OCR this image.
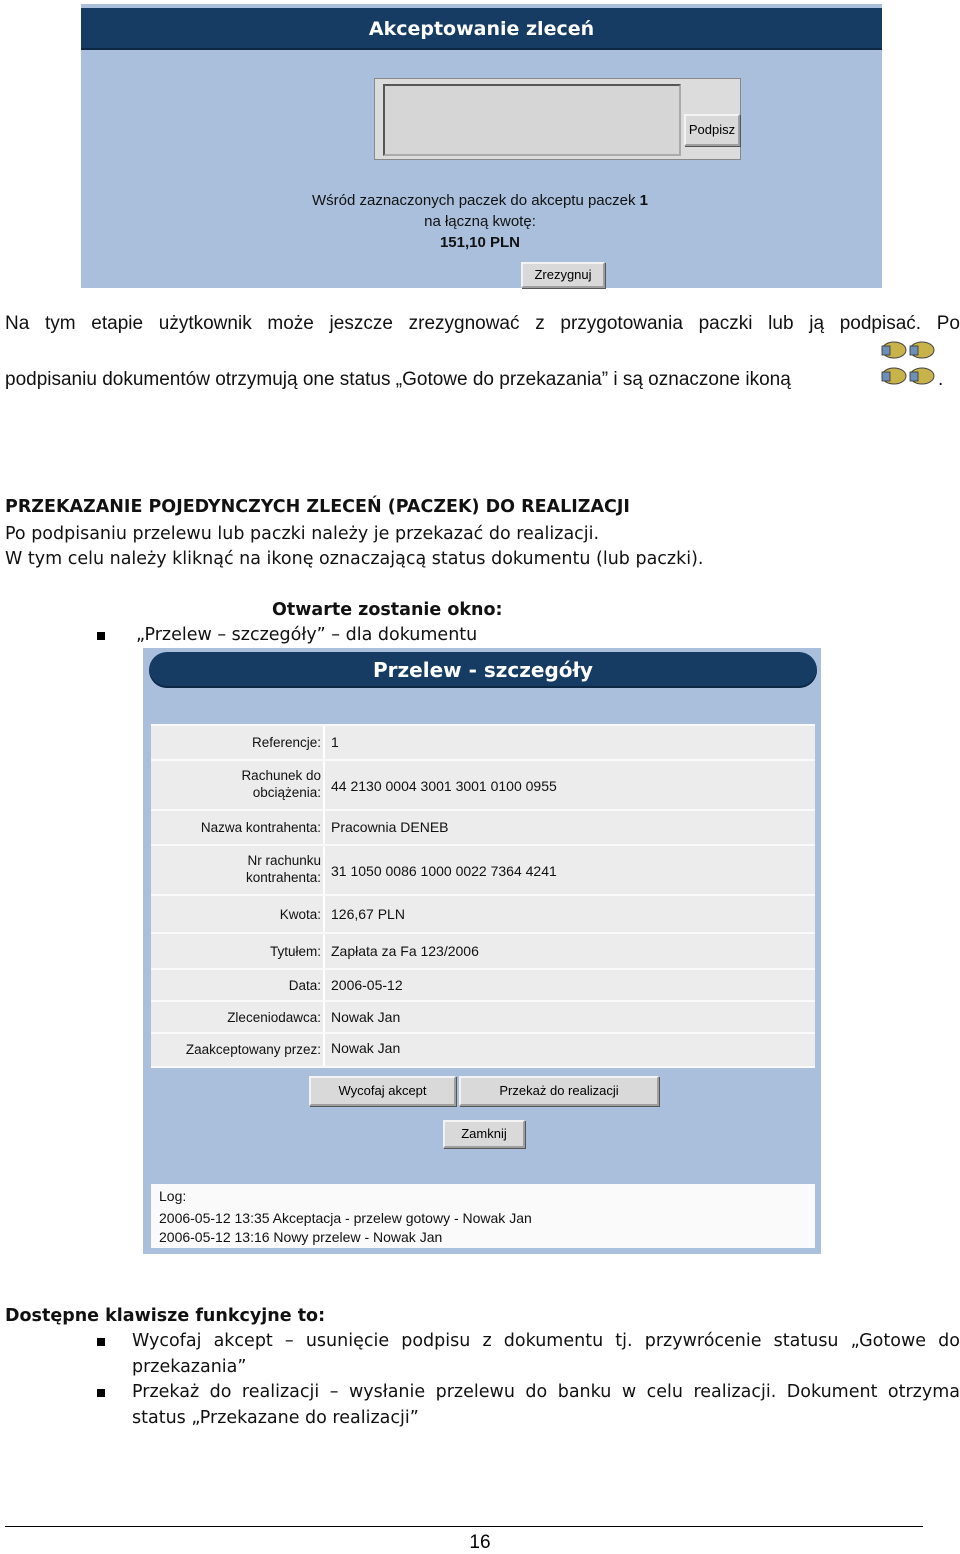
Akceptowanie zleceń
Podpisz
Wśród zaznaczonych paczek do akceptu paczek 1
na łączną kwotę:
151,10 PLN
Zrezygnuj
Na tym etapie użytkownik może jeszcze zrezygnować z przygotowania paczki lub ją podpisać. Po
podpisaniu dokumentów otrzymują one status „Gotowe do przekazania” i są oznaczone ikoną	.
PRZEKAZANIE POJEDYNCZYCH ZLECEŃ (PACZEK) DO REALIZACJI
Po podpisaniu przelewu lub paczki należy je przekazać do realizacji.
W tym celu należy kliknąć na ikonę oznaczającą status dokumentu (lub paczki).
Otwarte zostanie okno:
„Przelew – szczegóły” – dla dokumentu
Przelew - szczegóły
Referencje: 1
Rachunek do obciążenia: 44 2130 0004 3001 3001 0100 0955
Nazwa kontrahenta: Pracownia DENEB
Nr rachunku kontrahenta: 31 1050 0086 1000 0022 7364 4241
Kwota: 126,67 PLN
Tytułem: Zapłata za Fa 123/2006
Data: 2006-05-12
Zleceniodawca: Nowak Jan
Zaakceptowany przez: Nowak Jan
Wycofaj akcept	Przekaż do realizacji
Zamknij
Log:
2006-05-12 13:35 Akceptacja - przelew gotowy - Nowak Jan
2006-05-12 13:16 Nowy przelew - Nowak Jan
Dostępne klawisze funkcyjne to:
Wycofaj akcept – usunięcie podpisu z dokumentu tj. przywrócenie statusu „Gotowe do
przekazania”
Przekaż do realizacji – wysłanie przelewu do banku w celu realizacji. Dokument otrzyma
status „Przekazane do realizacji”
16
